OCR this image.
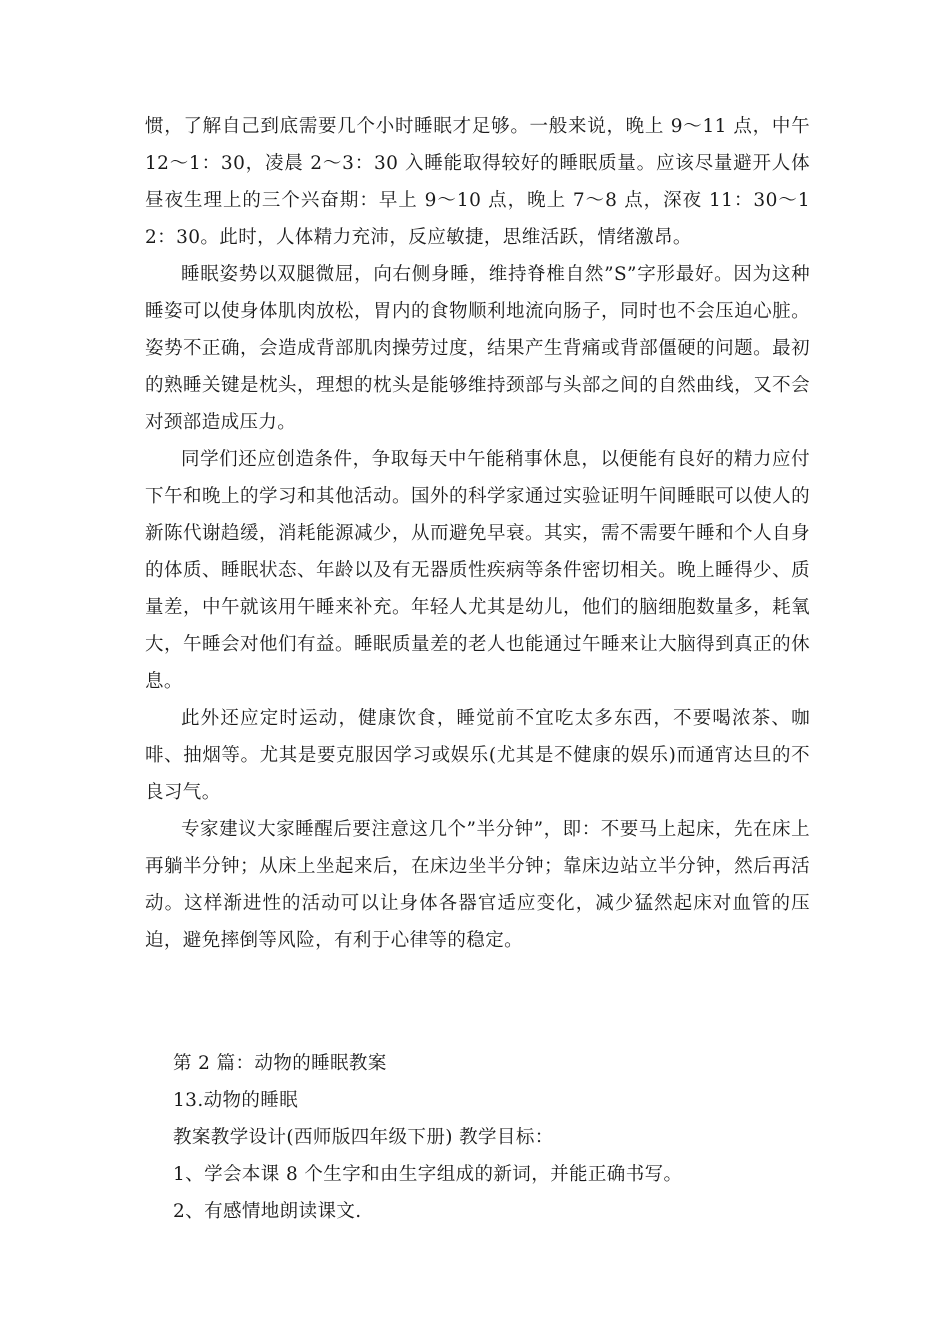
惯，了解自己到底需要几个小时睡眠才足够。一般来说，晚上 9～11 点，中午 12～1：30，凌晨 2～3：30 入睡能取得较好的睡眠质量。应该尽量避开人体昼夜生理上的三个兴奋期：早上 9～10 点，晚上 7～8 点，深夜 11：30～12：30。此时，人体精力充沛，反应敏捷，思维活跃，情绪激昂。

睡眠姿势以双腿微屈，向右侧身睡，维持脊椎自然”S”字形最好。因为这种睡姿可以使身体肌肉放松，胃内的食物顺利地流向肠子，同时也不会压迫心脏。姿势不正确，会造成背部肌肉操劳过度，结果产生背痛或背部僵硬的问题。最初的熟睡关键是枕头，理想的枕头是能够维持颈部与头部之间的自然曲线，又不会对颈部造成压力。

同学们还应创造条件，争取每天中午能稍事休息，以便能有良好的精力应付下午和晚上的学习和其他活动。国外的科学家通过实验证明午间睡眠可以使人的新陈代谢趋缓，消耗能源减少，从而避免早衰。其实，需不需要午睡和个人自身的体质、睡眠状态、年龄以及有无器质性疾病等条件密切相关。晚上睡得少、质量差，中午就该用午睡来补充。年轻人尤其是幼儿，他们的脑细胞数量多，耗氧大，午睡会对他们有益。睡眠质量差的老人也能通过午睡来让大脑得到真正的休息。

此外还应定时运动，健康饮食，睡觉前不宜吃太多东西，不要喝浓茶、咖啡、抽烟等。尤其是要克服因学习或娱乐(尤其是不健康的娱乐)而通宵达旦的不良习气。

专家建议大家睡醒后要注意这几个”半分钟”，即：不要马上起床，先在床上再躺半分钟；从床上坐起来后，在床边坐半分钟；靠床边站立半分钟，然后再活动。这样渐进性的活动可以让身体各器官适应变化，减少猛然起床对血管的压迫，避免摔倒等风险，有利于心律等的稳定。

第 2 篇：动物的睡眠教案

13.动物的睡眠

教案教学设计(西师版四年级下册) 教学目标：

1、学会本课 8 个生字和由生字组成的新词，并能正确书写。

2、有感情地朗读课文.
